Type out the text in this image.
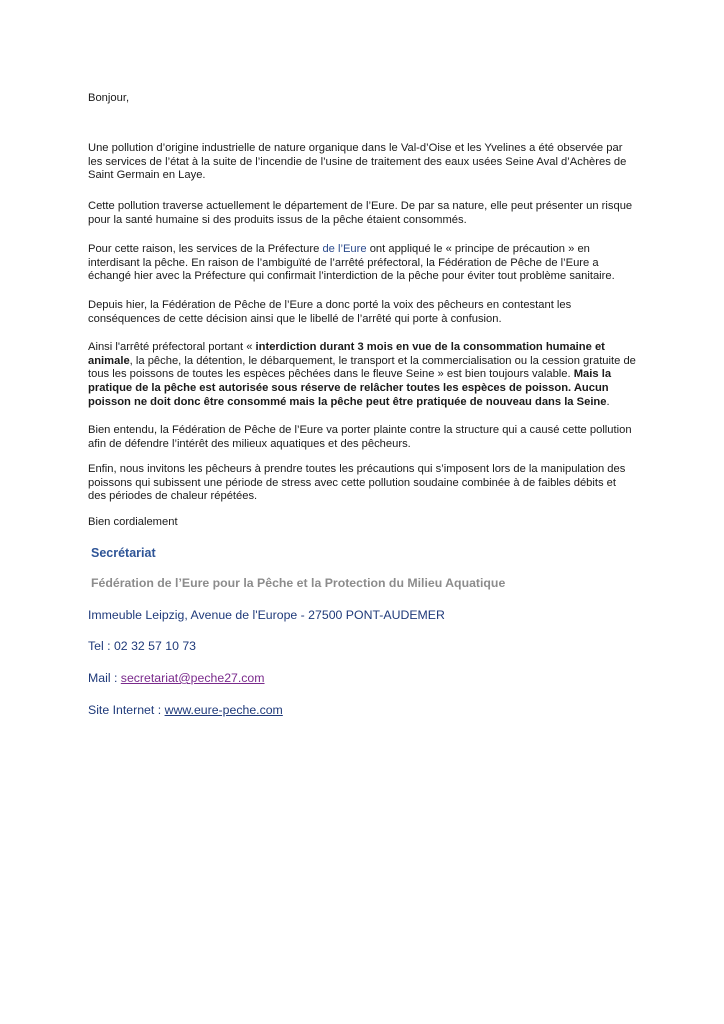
Bonjour,

Une pollution d’origine industrielle de nature organique dans le Val-d’Oise et les Yvelines a été observée par les services de l’état à la suite de l’incendie de l’usine de traitement des eaux usées Seine Aval d’Achères de Saint Germain en Laye.

Cette pollution traverse actuellement le département de l’Eure. De par sa nature, elle peut présenter un risque pour la santé humaine si des produits issus de la pêche étaient consommés.

Pour cette raison, les services de la Préfecture de l’Eure ont appliqué le « principe de précaution » en interdisant la pêche. En raison de l’ambiguïté de l’arrêté préfectoral, la Fédération de Pêche de l’Eure a échangé hier avec la Préfecture qui confirmait l’interdiction de la pêche pour éviter tout problème sanitaire.

Depuis hier, la Fédération de Pêche de l’Eure a donc porté la voix des pêcheurs en contestant les conséquences de cette décision ainsi que le libellé de l’arrêté qui porte à confusion.

Ainsi l'arrêté préfectoral portant « interdiction durant 3 mois en vue de la consommation humaine et animale, la pêche, la détention, le débarquement, le transport et la commercialisation ou la cession gratuite de tous les poissons de toutes les espèces pêchées dans le fleuve Seine » est bien toujours valable. Mais la pratique de la pêche est autorisée sous réserve de relâcher toutes les espèces de poisson. Aucun poisson ne doit donc être consommé mais la pêche peut être pratiquée de nouveau dans la Seine.

Bien entendu, la Fédération de Pêche de l’Eure va porter plainte contre la structure qui a causé cette pollution afin de défendre l’intérêt des milieux aquatiques et des pêcheurs.

Enfin, nous invitons les pêcheurs à prendre toutes les précautions qui s’imposent lors de la manipulation des poissons qui subissent une période de stress avec cette pollution soudaine combinée à de faibles débits et des périodes de chaleur répétées.

Bien cordialement

Secrétariat
Fédération de l’Eure pour la Pêche et la Protection du Milieu Aquatique
Immeuble Leipzig, Avenue de l'Europe - 27500 PONT-AUDEMER
Tel : 02 32 57 10 73
Mail : secretariat@peche27.com
Site Internet : www.eure-peche.com
